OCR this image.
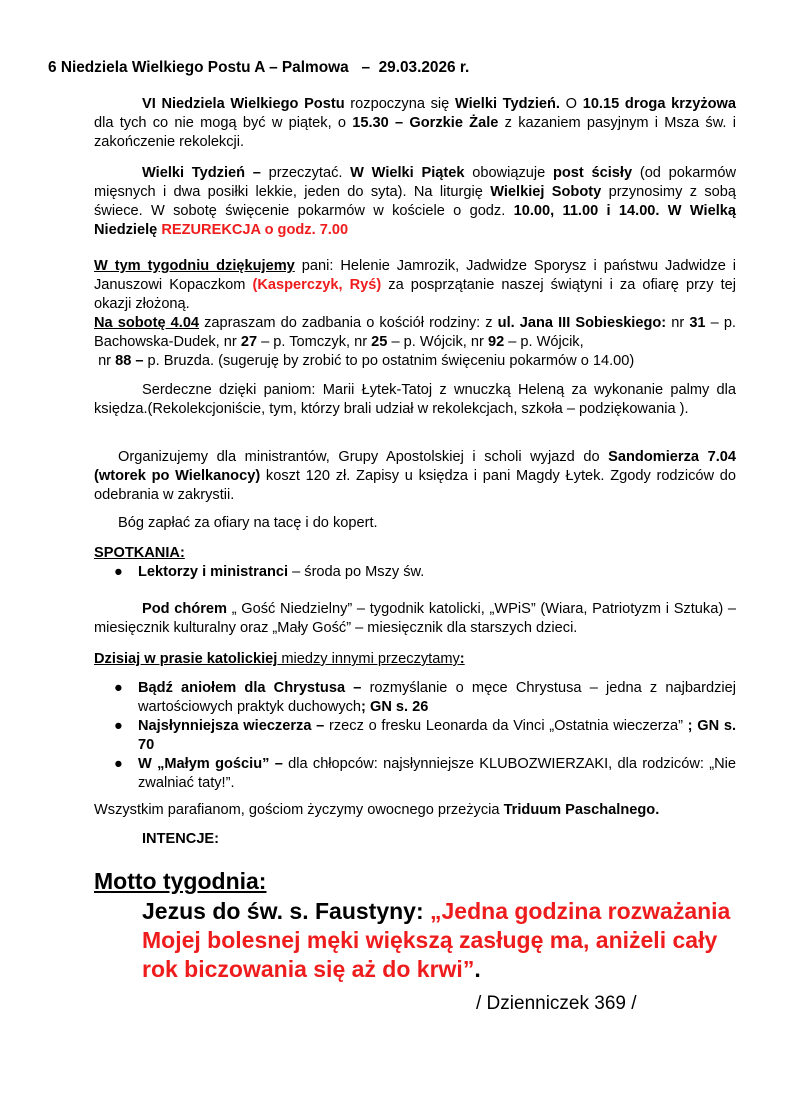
6 Niedziela Wielkiego Postu A – Palmowa   –  29.03.2026 r.

VI Niedziela Wielkiego Postu rozpoczyna się Wielki Tydzień. O 10.15 droga krzyżowa dla tych co nie mogą być w piątek, o 15.30 – Gorzkie Żale z kazaniem pasyjnym i Msza św. i zakończenie rekolekcji.

Wielki Tydzień – przeczytać. W Wielki Piątek obowiązuje post ścisły (od pokarmów mięsnych i dwa posiłki lekkie, jeden do syta). Na liturgię Wielkiej Soboty przynosimy z sobą świece. W sobotę święcenie pokarmów w kościele o godz. 10.00, 11.00 i 14.00. W Wielką Niedzielę REZUREKCJA o godz. 7.00

W tym tygodniu dziękujemy pani: Helenie Jamrozik, Jadwidze Sporysz i państwu Jadwidze i Januszowi Kopaczkom (Kasperczyk, Ryś) za posprzątanie naszej świątyni i za ofiarę przy tej okazji złożoną.

Na sobotę 4.04 zapraszam do zadbania o kościół rodziny: z ul. Jana III Sobieskiego: nr 31 – p. Bachowska-Dudek, nr 27 – p. Tomczyk, nr 25 – p. Wójcik, nr 92 – p. Wójcik,
nr 88 – p. Bruzda. (sugeruję by zrobić to po ostatnim święceniu pokarmów o 14.00)

Serdeczne dzięki paniom: Marii Łytek-Tatoj z wnuczką Heleną za wykonanie palmy dla księdza.(Rekolekcjoniście, tym, którzy brali udział w rekolekcjach, szkoła – podziękowania ).

Organizujemy dla ministrantów, Grupy Apostolskiej i scholi wyjazd do Sandomierza 7.04 (wtorek po Wielkanocy) koszt 120 zł. Zapisy u księdza i pani Magdy Łytek. Zgody rodziców do odebrania w zakrystii.

Bóg zapłać za ofiary na tacę i do kopert.

SPOTKANIA:

● Lektorzy i ministranci – środa po Mszy św.

Pod chórem „ Gość Niedzielny” – tygodnik katolicki, „WPiS” (Wiara, Patriotyzm i Sztuka) – miesięcznik kulturalny oraz „Mały Gość” – miesięcznik dla starszych dzieci.

Dzisiaj w prasie katolickiej miedzy innymi przeczytamy:

● Bądź aniołem dla Chrystusa – rozmyślanie o męce Chrystusa – jedna z najbardziej wartościowych praktyk duchowych; GN s. 26
● Najsłynniejsza wieczerza – rzecz o fresku Leonarda da Vinci „Ostatnia wieczerza” ; GN s. 70
● W „Małym gościu” – dla chłopców: najsłynniejsze KLUBOZWIERZAKI, dla rodziców: „Nie zwalniać taty!”.

Wszystkim parafianom, gościom życzymy owocnego przeżycia Triduum Paschalnego.

INTENCJE:

Motto tygodnia:
Jezus do św. s. Faustyny: „Jedna godzina rozważania Mojej bolesnej męki większą zasługę ma, aniżeli cały rok biczowania się aż do krwi”.
/ Dzienniczek 369 /
